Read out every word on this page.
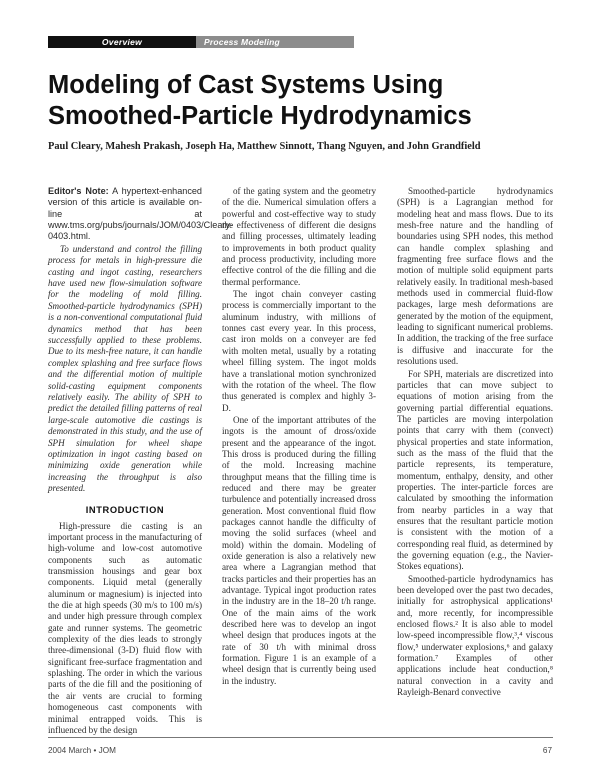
Overview	Process Modeling
Modeling of Cast Systems Using
Smoothed-Particle Hydrodynamics

Paul Cleary, Mahesh Prakash, Joseph Ha, Matthew Sinnott, Thang Nguyen, and John Grandfield

Editor's Note: A hypertext-enhanced version of this article is available on-line at www.tms.org/pubs/journals/JOM/0403/Cleary-0403.html.

To understand and control the filling process for metals in high-pressure die casting and ingot casting, researchers have used new flow-simulation software for the modeling of mold filling. Smoothed-particle hydrodynamics (SPH) is a non-conventional computational fluid dynamics method that has been successfully applied to these problems. Due to its mesh-free nature, it can handle complex splashing and free surface flows and the differential motion of multiple solid-casting equipment components relatively easily. The ability of SPH to predict the detailed filling patterns of real large-scale automotive die castings is demonstrated in this study, and the use of SPH simulation for wheel shape optimization in ingot casting based on minimizing oxide generation while increasing the throughput is also presented.

INTRODUCTION

High-pressure die casting is an important process in the manufacturing of high-volume and low-cost automotive components such as automatic transmission housings and gear box components. Liquid metal (generally aluminum or magnesium) is injected into the die at high speeds (30 m/s to 100 m/s) and under high pressure through complex gate and runner systems. The geometric complexity of the dies leads to strongly three-dimensional (3-D) fluid flow with significant free-surface fragmentation and splashing. The order in which the various parts of the die fill and the positioning of the air vents are crucial to forming homogeneous cast components with minimal entrapped voids. This is influenced by the design

of the gating system and the geometry of the die. Numerical simulation offers a powerful and cost-effective way to study the effectiveness of different die designs and filling processes, ultimately leading to improvements in both product quality and process productivity, including more effective control of the die filling and die thermal performance.

The ingot chain conveyer casting process is commercially important to the aluminum industry, with millions of tonnes cast every year. In this process, cast iron molds on a conveyer are fed with molten metal, usually by a rotating wheel filling system. The ingot molds have a translational motion synchronized with the rotation of the wheel. The flow thus generated is complex and highly 3-D.

One of the important attributes of the ingots is the amount of dross/oxide present and the appearance of the ingot. This dross is produced during the filling of the mold. Increasing machine throughput means that the filling time is reduced and there may be greater turbulence and potentially increased dross generation. Most conventional fluid flow packages cannot handle the difficulty of moving the solid surfaces (wheel and mold) within the domain. Modeling of oxide generation is also a relatively new area where a Lagrangian method that tracks particles and their properties has an advantage. Typical ingot production rates in the industry are in the 18–20 t/h range. One of the main aims of the work described here was to develop an ingot wheel design that produces ingots at the rate of 30 t/h with minimal dross formation. Figure 1 is an example of a wheel design that is currently being used in the industry.

Smoothed-particle hydrodynamics (SPH) is a Lagrangian method for modeling heat and mass flows. Due to its mesh-free nature and the handling of boundaries using SPH nodes, this method can handle complex splashing and fragmenting free surface flows and the motion of multiple solid equipment parts relatively easily. In traditional mesh-based methods used in commercial fluid-flow packages, large mesh deformations are generated by the motion of the equipment, leading to significant numerical problems. In addition, the tracking of the free surface is diffusive and inaccurate for the resolutions used.

For SPH, materials are discretized into particles that can move subject to equations of motion arising from the governing partial differential equations. The particles are moving interpolation points that carry with them (convect) physical properties and state information, such as the mass of the fluid that the particle represents, its temperature, momentum, enthalpy, density, and other properties. The inter-particle forces are calculated by smoothing the information from nearby particles in a way that ensures that the resultant particle motion is consistent with the motion of a corresponding real fluid, as determined by the governing equation (e.g., the Navier-Stokes equations).

Smoothed-particle hydrodynamics has been developed over the past two decades, initially for astrophysical applications¹ and, more recently, for incompressible enclosed flows.² It is also able to model low-speed incompressible flow,³,⁴ viscous flow,⁵ underwater explosions,⁶ and galaxy formation.⁷ Examples of other applications include heat conduction,⁸ natural convection in a cavity and Rayleigh-Benard convective

2004 March • JOM	67
